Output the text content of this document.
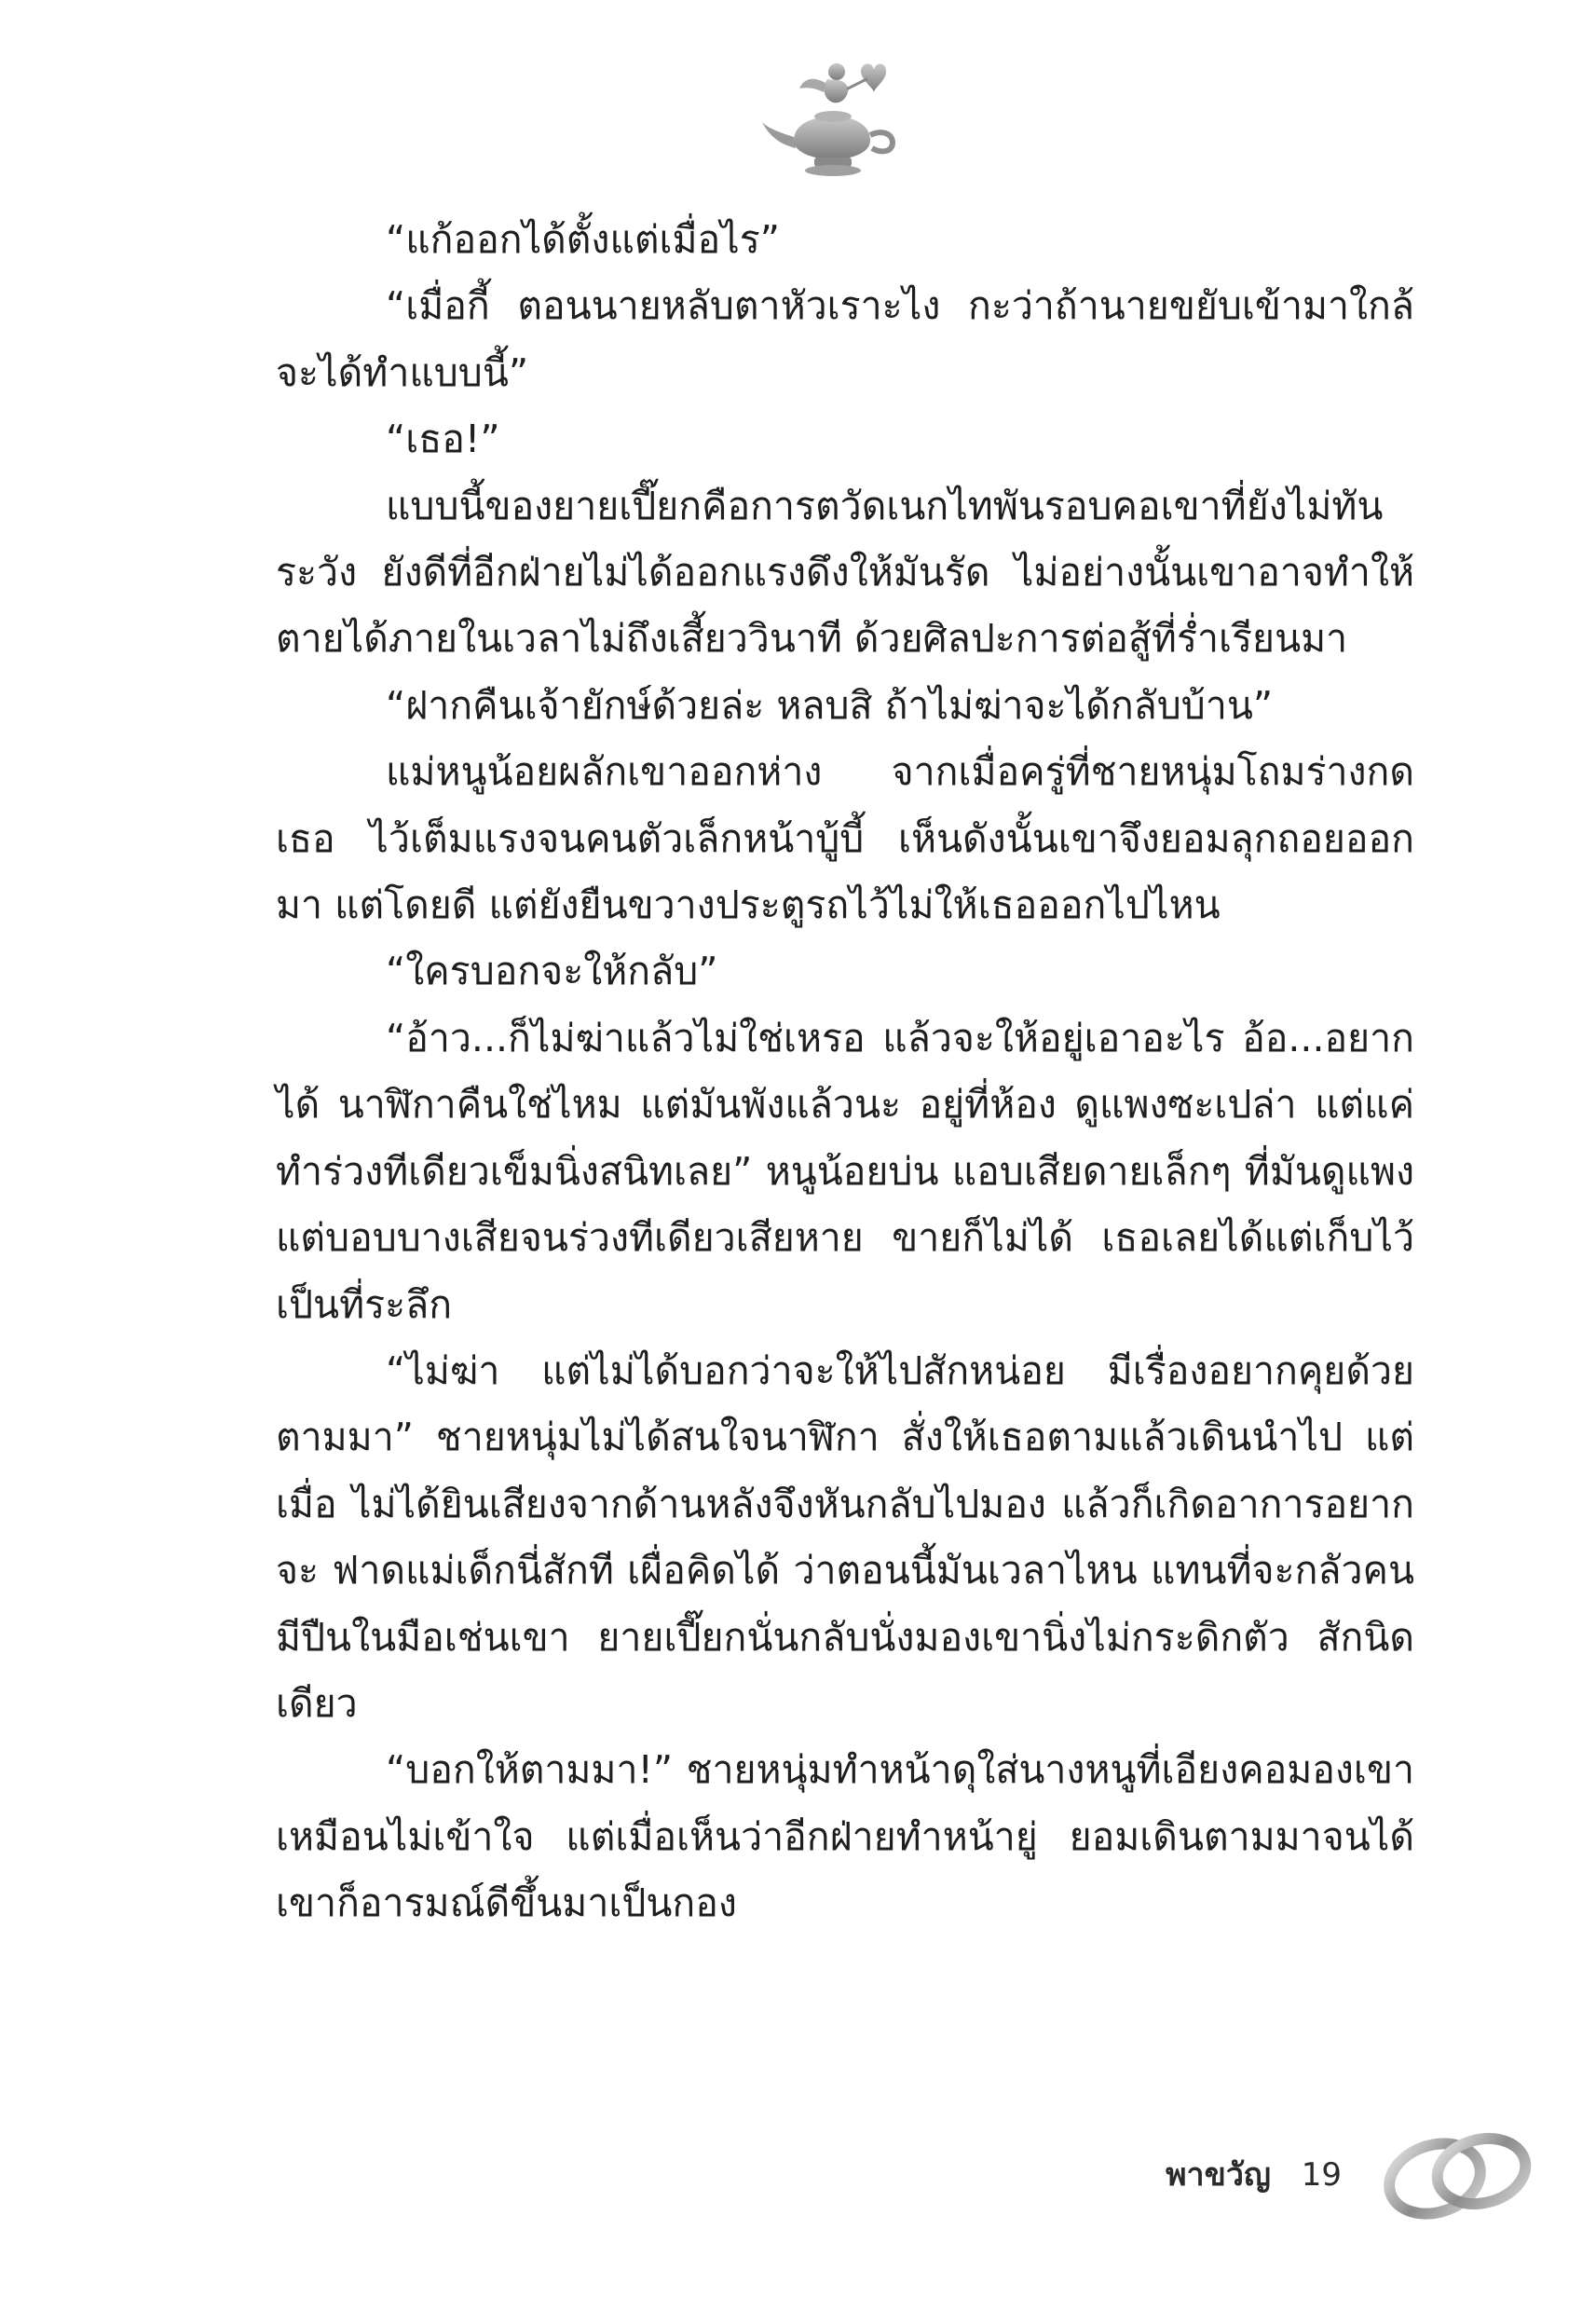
“แก้ออกได้ตั้งแต่เมื่อไร”

“เมื่อกี้ ตอนนายหลับตาหัวเราะไง กะว่าถ้านายขยับเข้ามาใกล้ จะได้ทำแบบนี้”

“เธอ!”

แบบนี้ของยายเปี๊ยกคือการตวัดเนกไทพันรอบคอเขาที่ยังไม่ทัน ระวัง ยังดีที่อีกฝ่ายไม่ได้ออกแรงดึงให้มันรัด ไม่อย่างนั้นเขาอาจทำให้ ตายได้ภายในเวลาไม่ถึงเสี้ยววินาที ด้วยศิลปะการต่อสู้ที่ร่ำเรียนมา

“ฝากคืนเจ้ายักษ์ด้วยล่ะ หลบสิ ถ้าไม่ฆ่าจะได้กลับบ้าน”

แม่หนูน้อยผลักเขาออกห่าง จากเมื่อครู่ที่ชายหนุ่มโถมร่างกดเธอ ไว้เต็มแรงจนคนตัวเล็กหน้าบู้บี้ เห็นดังนั้นเขาจึงยอมลุกถอยออกมา แต่โดยดี แต่ยังยืนขวางประตูรถไว้ไม่ให้เธอออกไปไหน

“ใครบอกจะให้กลับ”

“อ้าว...ก็ไม่ฆ่าแล้วไม่ใช่เหรอ แล้วจะให้อยู่เอาอะไร อ้อ...อยากได้ นาฬิกาคืนใช่ไหม แต่มันพังแล้วนะ อยู่ที่ห้อง ดูแพงซะเปล่า แต่แค่ ทำร่วงทีเดียวเข็มนิ่งสนิทเลย” หนูน้อยบ่น แอบเสียดายเล็กๆ ที่มันดูแพง แต่บอบบางเสียจนร่วงทีเดียวเสียหาย ขายก็ไม่ได้ เธอเลยได้แต่เก็บไว้ เป็นที่ระลึก

“ไม่ฆ่า แต่ไม่ได้บอกว่าจะให้ไปสักหน่อย มีเรื่องอยากคุยด้วย ตามมา” ชายหนุ่มไม่ได้สนใจนาฬิกา สั่งให้เธอตามแล้วเดินนำไป แต่เมื่อ ไม่ได้ยินเสียงจากด้านหลังจึงหันกลับไปมอง แล้วก็เกิดอาการอยากจะ ฟาดแม่เด็กนี่สักที เผื่อคิดได้ ว่าตอนนี้มันเวลาไหน แทนที่จะกลัวคน มีปืนในมือเช่นเขา ยายเปี๊ยกนั่นกลับนั่งมองเขานิ่งไม่กระดิกตัว สักนิดเดียว

“บอกให้ตามมา!” ชายหนุ่มทำหน้าดุใส่นางหนูที่เอียงคอมองเขา เหมือนไม่เข้าใจ แต่เมื่อเห็นว่าอีกฝ่ายทำหน้ายู่ ยอมเดินตามมาจนได้ เขาก็อารมณ์ดีขึ้นมาเป็นกอง

พาขวัญ 19
